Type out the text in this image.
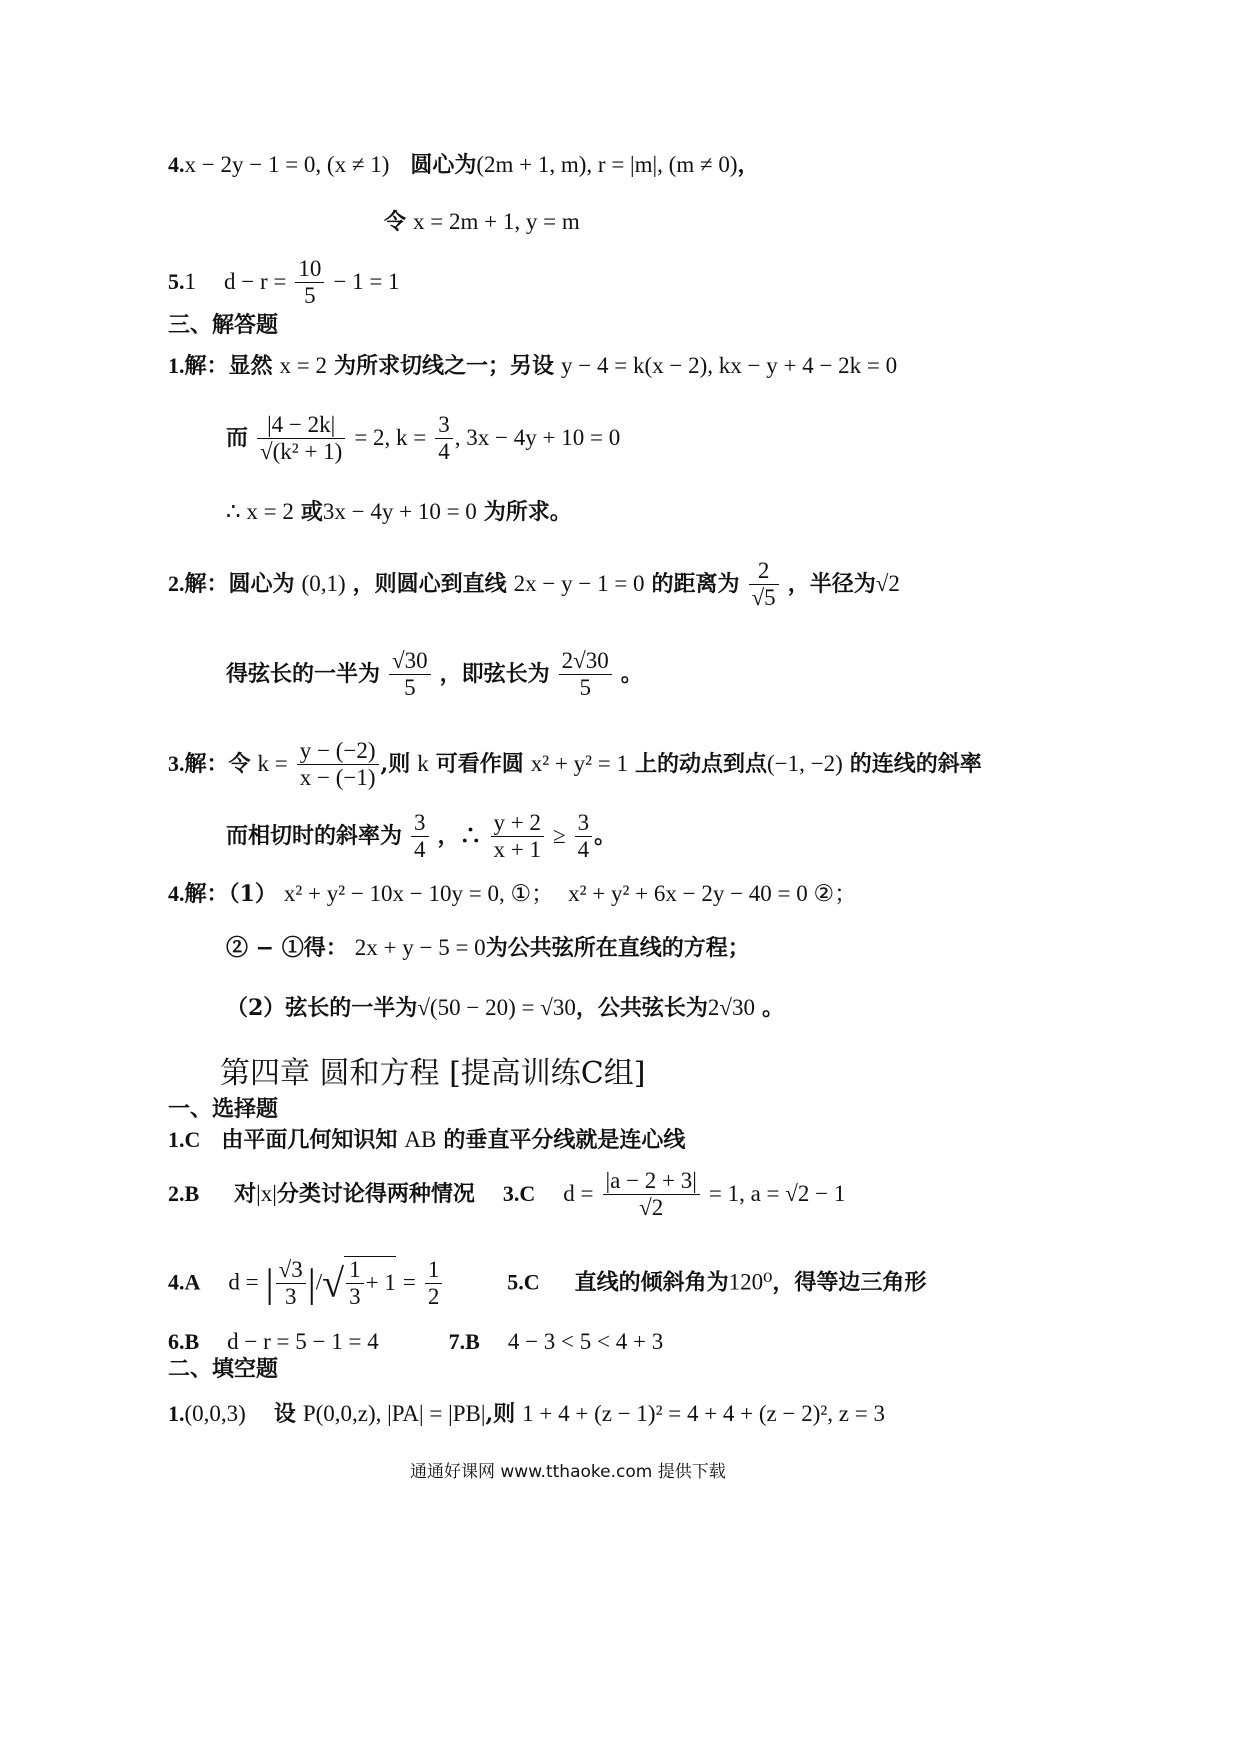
4.x − 2y − 1 = 0, (x ≠ 1) 圆心为(2m + 1, m), r = |m|, (m ≠ 0)，
令 x = 2m + 1, y = m
5.1 $d - r = \frac{10}{5} - 1 = 1$
三、解答题
1.解：显然 x = 2 为所求切线之一；另设 y − 4 = k(x − 2), kx − y + 4 − 2k = 0
而 $\frac{|4 - 2k|}{\text{√(k² + 1)}} = 2$, $k = \frac{3}{4}$ , 3x − 4y + 10 = 0
∴ x = 2 或3x − 4y + 10 = 0 为所求。
2.解：圆心为 (0,1) ，则圆心到直线 2x − y − 1 = 0 的距离为 $\frac{2}{√5}$ ，半径为√2
得弦长的一半为 $\frac{√30}{5}$ ，即弦长为 $\frac{2√30}{5}$ 。
3.解：令 $k = \frac{y - (-2)}{x - (-1)}$ ,则 k 可看作圆 x² + y² = 1 上的动点到点(−1, −2) 的连线的斜率
而相切时的斜率为 $\frac{3}{4}$ ，∴ $\frac{y + 2}{x + 1} \ge \frac{3}{4}$ 。
4.解：（1） x² + y² − 10x − 10y = 0, ①； x² + y² + 6x − 2y − 40 = 0 ②；
② − ①得： 2x + y − 5 = 0为公共弦所在直线的方程；
（2）弦长的一半为√(50 − 20) = √30，公共弦长为2√30 。
第四章 圆和方程 [提高训练C组]
一、选择题
1.C 由平面几何知识知 AB 的垂直平分线就是连心线
2.B 对|x|分类讨论得两种情况 3.C $d = \frac{|a - 2 + 3|}{√2} = 1$, a = √2 − 1
4.A d = | $\frac{√3}{3}$ |/√ $\frac{1}{3} + 1 = \frac{1}{2}$	5.C 直线的倾斜角为120⁰，得等边三角形
6.B d − r = 5 − 1 = 4	7.B 4 − 3 < 5 < 4 + 3
二、填空题
1.(0,0,3) 设 P(0,0,z), |PA| = |PB|,则 1 + 4 + (z − 1)² = 4 + 4 + (z − 2)², z = 3
通通好课网 www.tthaoke.com 提供下载
